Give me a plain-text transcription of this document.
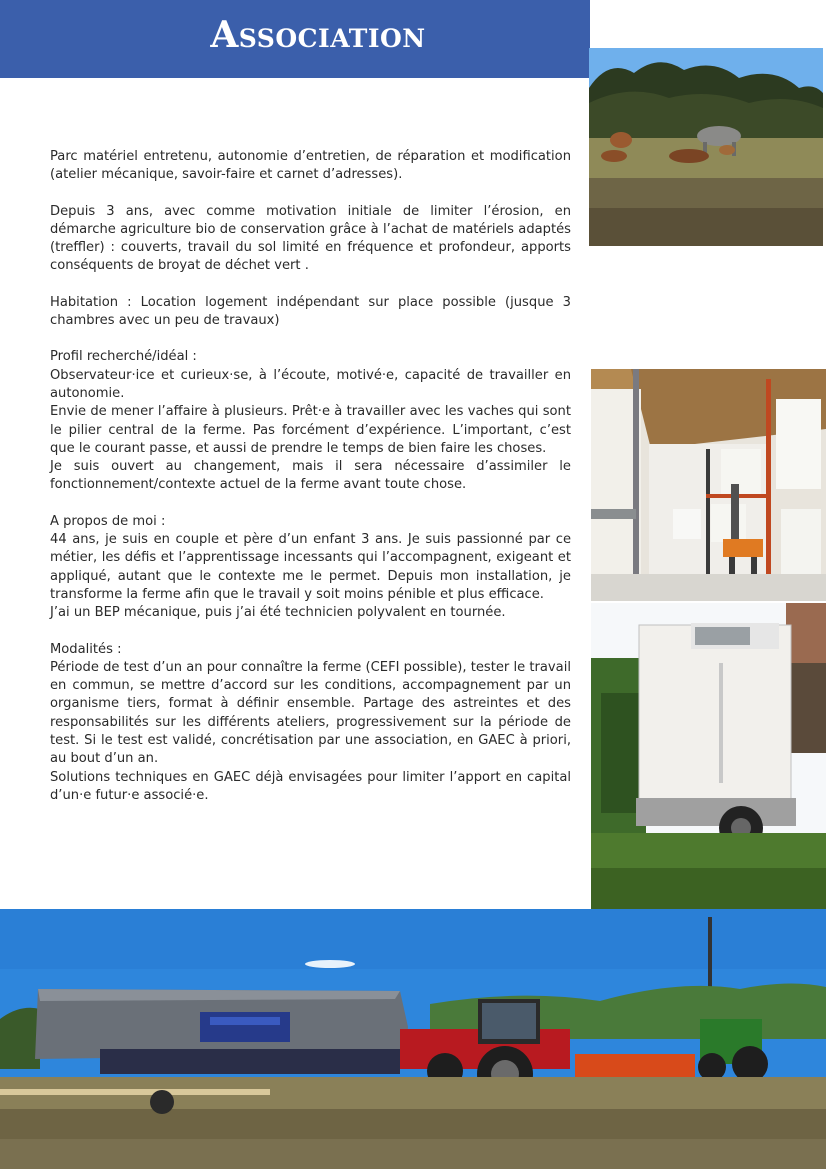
Association

Parc matériel entretenu, autonomie d’entretien, de réparation et modification (atelier mécanique, savoir-faire et carnet d’adresses).

Depuis 3 ans, avec comme motivation initiale de limiter l’érosion, en démarche agriculture bio de conservation grâce à l’achat de matériels adaptés (treffler) : couverts, travail du sol limité en fréquence et profondeur, apports conséquents de broyat de déchet vert .

Habitation : Location logement indépendant sur place possible (jusque 3 chambres avec un peu de travaux)

Profil recherché/idéal :
Observateur·ice et curieux·se, à l’écoute, motivé·e, capacité de travailler en autonomie.
Envie de mener l’affaire à plusieurs. Prêt·e à travailler avec les vaches qui sont le pilier central de la ferme. Pas forcément d’expérience. L’important, c’est que le courant passe, et aussi de prendre le temps de bien faire les choses.
Je suis ouvert au changement, mais il sera nécessaire d’assimiler le fonctionnement/contexte actuel de la ferme avant toute chose.
A propos de moi :
44 ans, je suis en couple et père d’un enfant 3 ans. Je suis passionné par ce métier, les défis et l’apprentissage incessants qui l’accompagnent, exigeant et appliqué, autant que le contexte me le permet. Depuis mon installation, je transforme la ferme afin que le travail y soit moins pénible et plus efficace.
J’ai un BEP mécanique, puis j’ai été technicien polyvalent en tournée.
Modalités :
Période de test d’un an pour connaître la ferme (CEFI possible), tester le travail en commun, se mettre d’accord sur les conditions, accompagnement par un organisme tiers, format à définir ensemble. Partage des astreintes et des responsabilités sur les différents ateliers, progressivement sur la période de test. Si le test est validé, concrétisation par une association, en GAEC à priori, au bout d’un an.
Solutions techniques en GAEC déjà envisagées pour limiter l’apport en capital d’un·e futur·e associé·e.
